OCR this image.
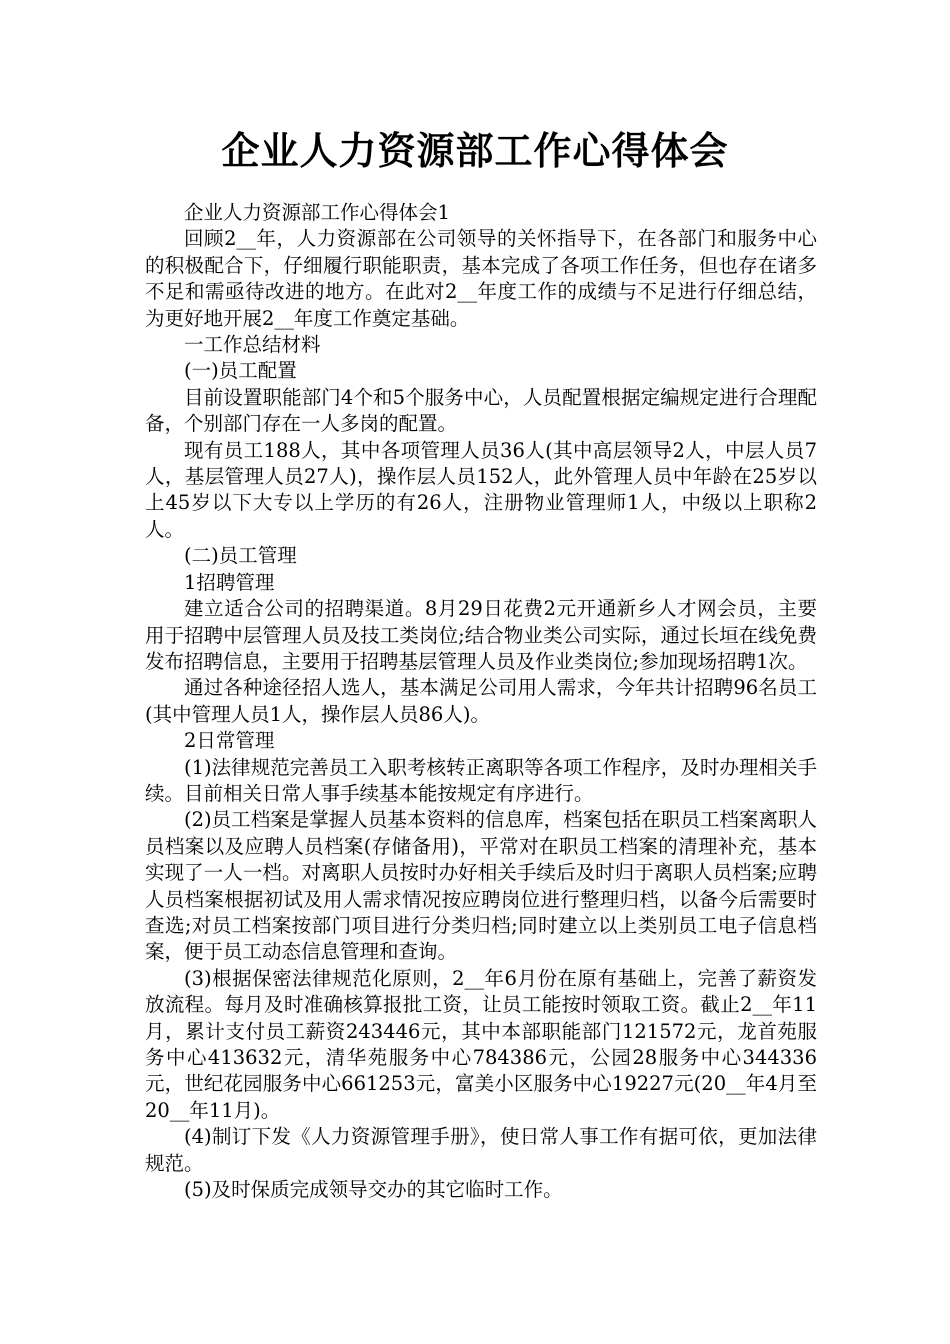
企业人力资源部工作心得体会

企业人力资源部工作心得体会1

回顾2__年，人力资源部在公司领导的关怀指导下，在各部门和服务中心的积极配合下，仔细履行职能职责，基本完成了各项工作任务，但也存在诸多不足和需亟待改进的地方。在此对2__年度工作的成绩与不足进行仔细总结，为更好地开展2__年度工作奠定基础。

一工作总结材料

(一)员工配置

目前设置职能部门4个和5个服务中心，人员配置根据定编规定进行合理配备，个别部门存在一人多岗的配置。

现有员工188人，其中各项管理人员36人(其中高层领导2人，中层人员7人，基层管理人员27人)，操作层人员152人，此外管理人员中年龄在25岁以上45岁以下大专以上学历的有26人，注册物业管理师1人，中级以上职称2人。

(二)员工管理

1招聘管理

建立适合公司的招聘渠道。8月29日花费2元开通新乡人才网会员，主要用于招聘中层管理人员及技工类岗位;结合物业类公司实际，通过长垣在线免费发布招聘信息，主要用于招聘基层管理人员及作业类岗位;参加现场招聘1次。

通过各种途径招人选人，基本满足公司用人需求，今年共计招聘96名员工(其中管理人员1人，操作层人员86人)。

2日常管理

(1)法律规范完善员工入职考核转正离职等各项工作程序，及时办理相关手续。目前相关日常人事手续基本能按规定有序进行。

(2)员工档案是掌握人员基本资料的信息库，档案包括在职员工档案离职人员档案以及应聘人员档案(存储备用)，平常对在职员工档案的清理补充，基本实现了一人一档。对离职人员按时办好相关手续后及时归于离职人员档案;应聘人员档案根据初试及用人需求情况按应聘岗位进行整理归档，以备今后需要时查选;对员工档案按部门项目进行分类归档;同时建立以上类别员工电子信息档案，便于员工动态信息管理和查询。

(3)根据保密法律规范化原则，2__年6月份在原有基础上，完善了薪资发放流程。每月及时准确核算报批工资，让员工能按时领取工资。截止2__年11月，累计支付员工薪资243446元，其中本部职能部门121572元，龙首苑服务中心413632元，清华苑服务中心784386元，公园28服务中心344336元，世纪花园服务中心661253元，富美小区服务中心19227元(20__年4月至20__年11月)。

(4)制订下发《人力资源管理手册》，使日常人事工作有据可依，更加法律规范。

(5)及时保质完成领导交办的其它临时工作。
